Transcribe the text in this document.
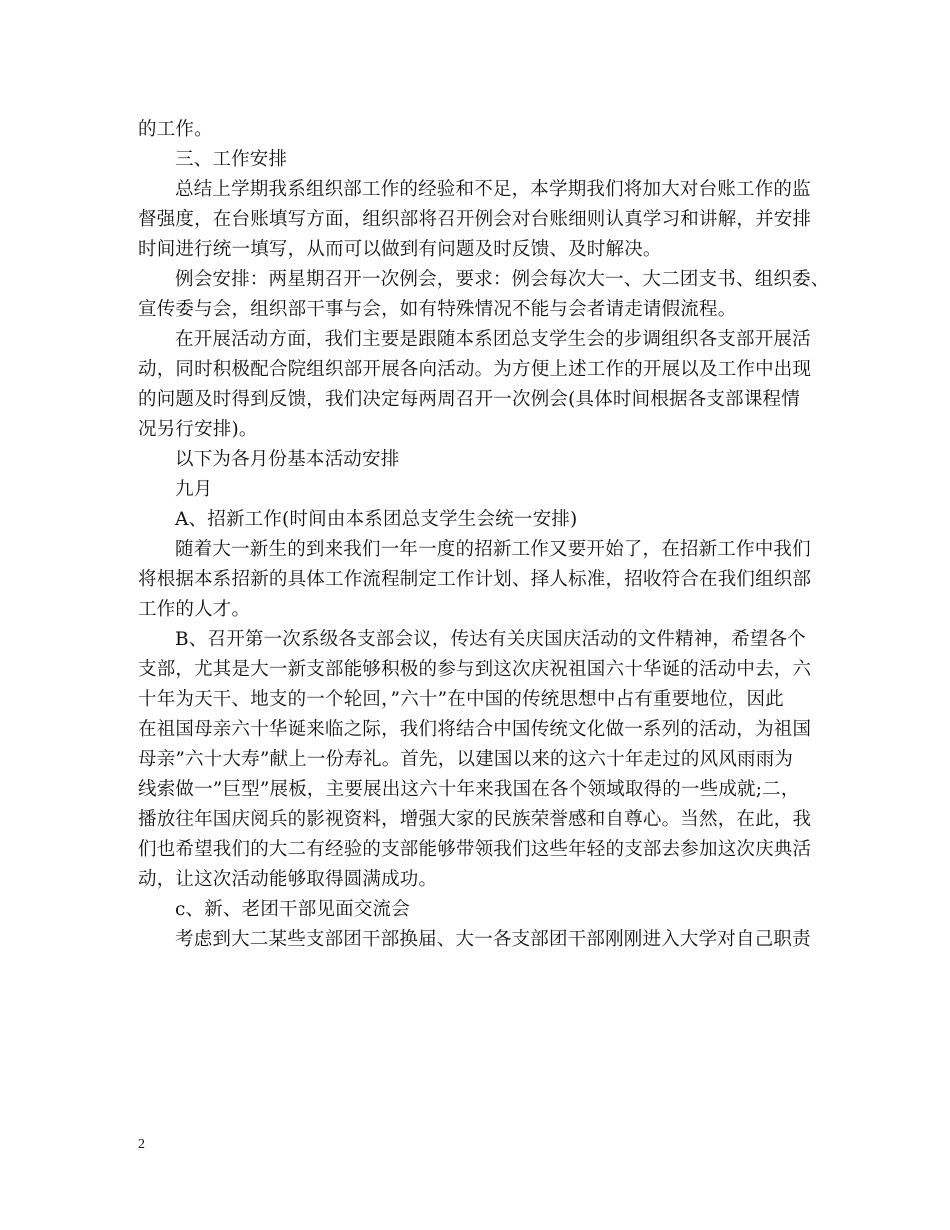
的工作。
三、工作安排
总结上学期我系组织部工作的经验和不足，本学期我们将加大对台账工作的监
督强度，在台账填写方面，组织部将召开例会对台账细则认真学习和讲解，并安排
时间进行统一填写，从而可以做到有问题及时反馈、及时解决。
例会安排：两星期召开一次例会，要求：例会每次大一、大二团支书、组织委、
宣传委与会，组织部干事与会，如有特殊情况不能与会者请走请假流程。
在开展活动方面，我们主要是跟随本系团总支学生会的步调组织各支部开展活
动，同时积极配合院组织部开展各向活动。为方便上述工作的开展以及工作中出现
的问题及时得到反馈，我们决定每两周召开一次例会(具体时间根据各支部课程情
况另行安排)。
以下为各月份基本活动安排
九月
A、招新工作(时间由本系团总支学生会统一安排)
随着大一新生的到来我们一年一度的招新工作又要开始了，在招新工作中我们
将根据本系招新的具体工作流程制定工作计划、择人标准，招收符合在我们组织部
工作的人才。
B、召开第一次系级各支部会议，传达有关庆国庆活动的文件精神，希望各个
支部，尤其是大一新支部能够积极的参与到这次庆祝祖国六十华诞的活动中去，六
十年为天干、地支的一个轮回，”六十”在中国的传统思想中占有重要地位，因此
在祖国母亲六十华诞来临之际，我们将结合中国传统文化做一系列的活动，为祖国
母亲”六十大寿”献上一份寿礼。首先，以建国以来的这六十年走过的风风雨雨为
线索做一”巨型”展板，主要展出这六十年来我国在各个领域取得的一些成就;二，
播放往年国庆阅兵的影视资料，增强大家的民族荣誉感和自尊心。当然，在此，我
们也希望我们的大二有经验的支部能够带领我们这些年轻的支部去参加这次庆典活
动，让这次活动能够取得圆满成功。
c、新、老团干部见面交流会
考虑到大二某些支部团干部换届、大一各支部团干部刚刚进入大学对自己职责
2
